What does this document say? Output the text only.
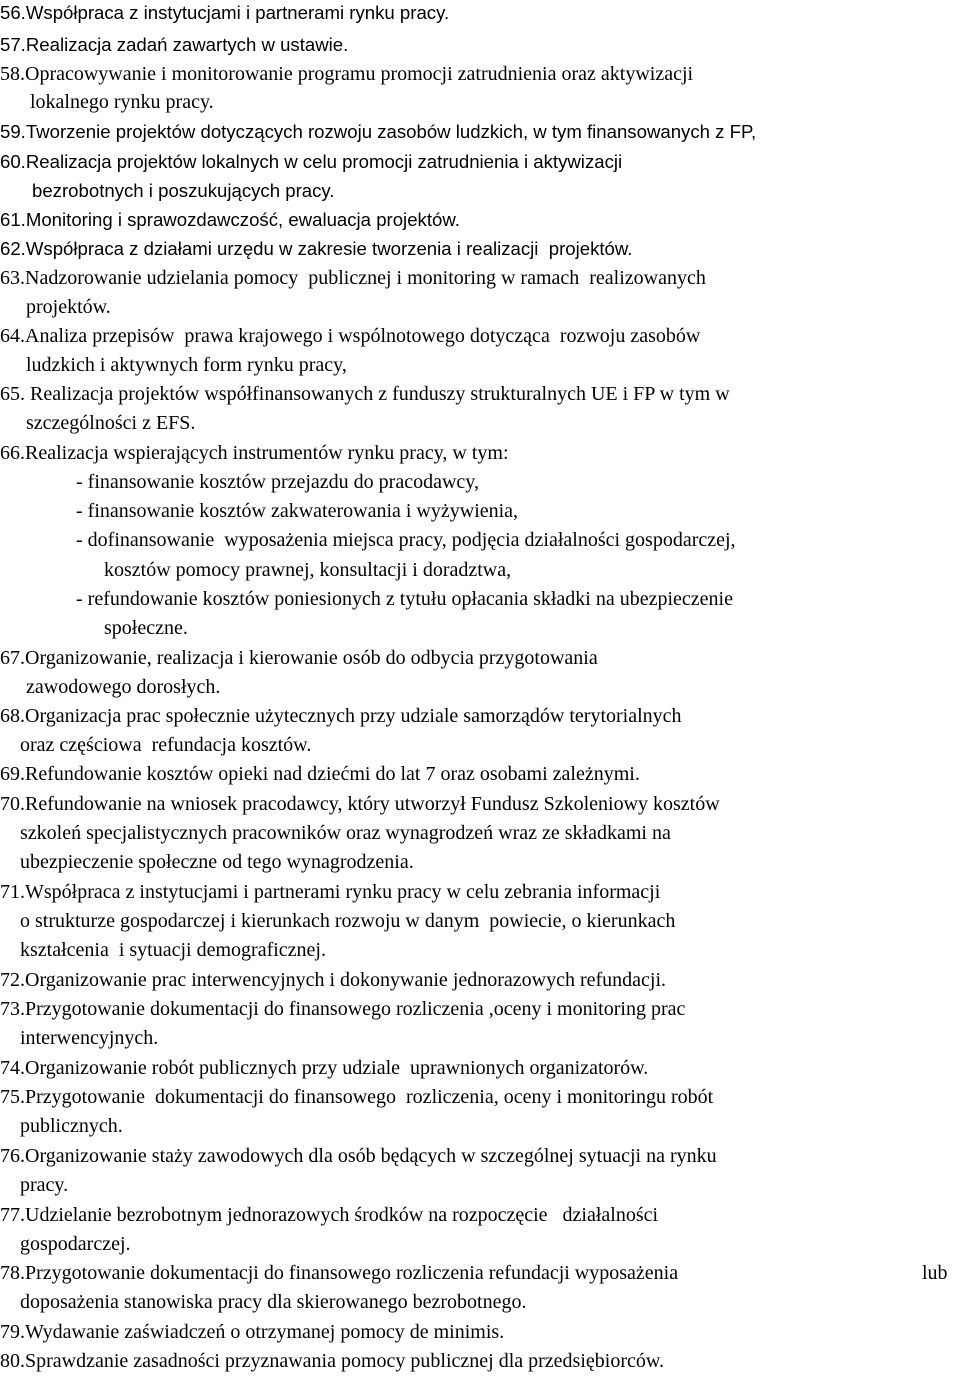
56.Współpraca z instytucjami i partnerami rynku pracy.
57.Realizacja zadań zawartych w ustawie.
58.Opracowywanie i monitorowanie programu promocji zatrudnienia oraz aktywizacji
lokalnego rynku pracy.
59.Tworzenie projektów dotyczących rozwoju zasobów ludzkich, w tym finansowanych z FP,
60.Realizacja projektów lokalnych w celu promocji zatrudnienia i aktywizacji
bezrobotnych i poszukujących pracy.
61.Monitoring i sprawozdawczość, ewaluacja projektów.
62.Współpraca z działami urzędu w zakresie tworzenia i realizacji  projektów.
63.Nadzorowanie udzielania pomocy  publicznej i monitoring w ramach  realizowanych
projektów.
64.Analiza przepisów  prawa krajowego i wspólnotowego dotycząca  rozwoju zasobów
ludzkich i aktywnych form rynku pracy,
65. Realizacja projektów współfinansowanych z funduszy strukturalnych UE i FP w tym w
szczególności z EFS.
66.Realizacja wspierających instrumentów rynku pracy, w tym:
- finansowanie kosztów przejazdu do pracodawcy,
- finansowanie kosztów zakwaterowania i wyżywienia,
- dofinansowanie  wyposażenia miejsca pracy, podjęcia działalności gospodarczej,
kosztów pomocy prawnej, konsultacji i doradztwa,
- refundowanie kosztów poniesionych z tytułu opłacania składki na ubezpieczenie
społeczne.
67.Organizowanie, realizacja i kierowanie osób do odbycia przygotowania
zawodowego dorosłych.
68.Organizacja prac społecznie użytecznych przy udziale samorządów terytorialnych
oraz częściowa  refundacja kosztów.
69.Refundowanie kosztów opieki nad dziećmi do lat 7 oraz osobami zależnymi.
70.Refundowanie na wniosek pracodawcy, który utworzył Fundusz Szkoleniowy kosztów
szkoleń specjalistycznych pracowników oraz wynagrodzeń wraz ze składkami na
ubezpieczenie społeczne od tego wynagrodzenia.
71.Współpraca z instytucjami i partnerami rynku pracy w celu zebrania informacji
o strukturze gospodarczej i kierunkach rozwoju w danym  powiecie, o kierunkach
kształcenia  i sytuacji demograficznej.
72.Organizowanie prac interwencyjnych i dokonywanie jednorazowych refundacji.
73.Przygotowanie dokumentacji do finansowego rozliczenia ,oceny i monitoring prac
interwencyjnych.
74.Organizowanie robót publicznych przy udziale  uprawnionych organizatorów.
75.Przygotowanie  dokumentacji do finansowego  rozliczenia, oceny i monitoringu robót
publicznych.
76.Organizowanie staży zawodowych dla osób będących w szczególnej sytuacji na rynku
pracy.
77.Udzielanie bezrobotnym jednorazowych środków na rozpoczęcie   działalności
gospodarczej.
78.Przygotowanie dokumentacji do finansowego rozliczenia refundacji wyposażenia	lub
doposażenia stanowiska pracy dla skierowanego bezrobotnego.
79.Wydawanie zaświadczeń o otrzymanej pomocy de minimis.
80.Sprawdzanie zasadności przyznawania pomocy publicznej dla przedsiębiorców.
